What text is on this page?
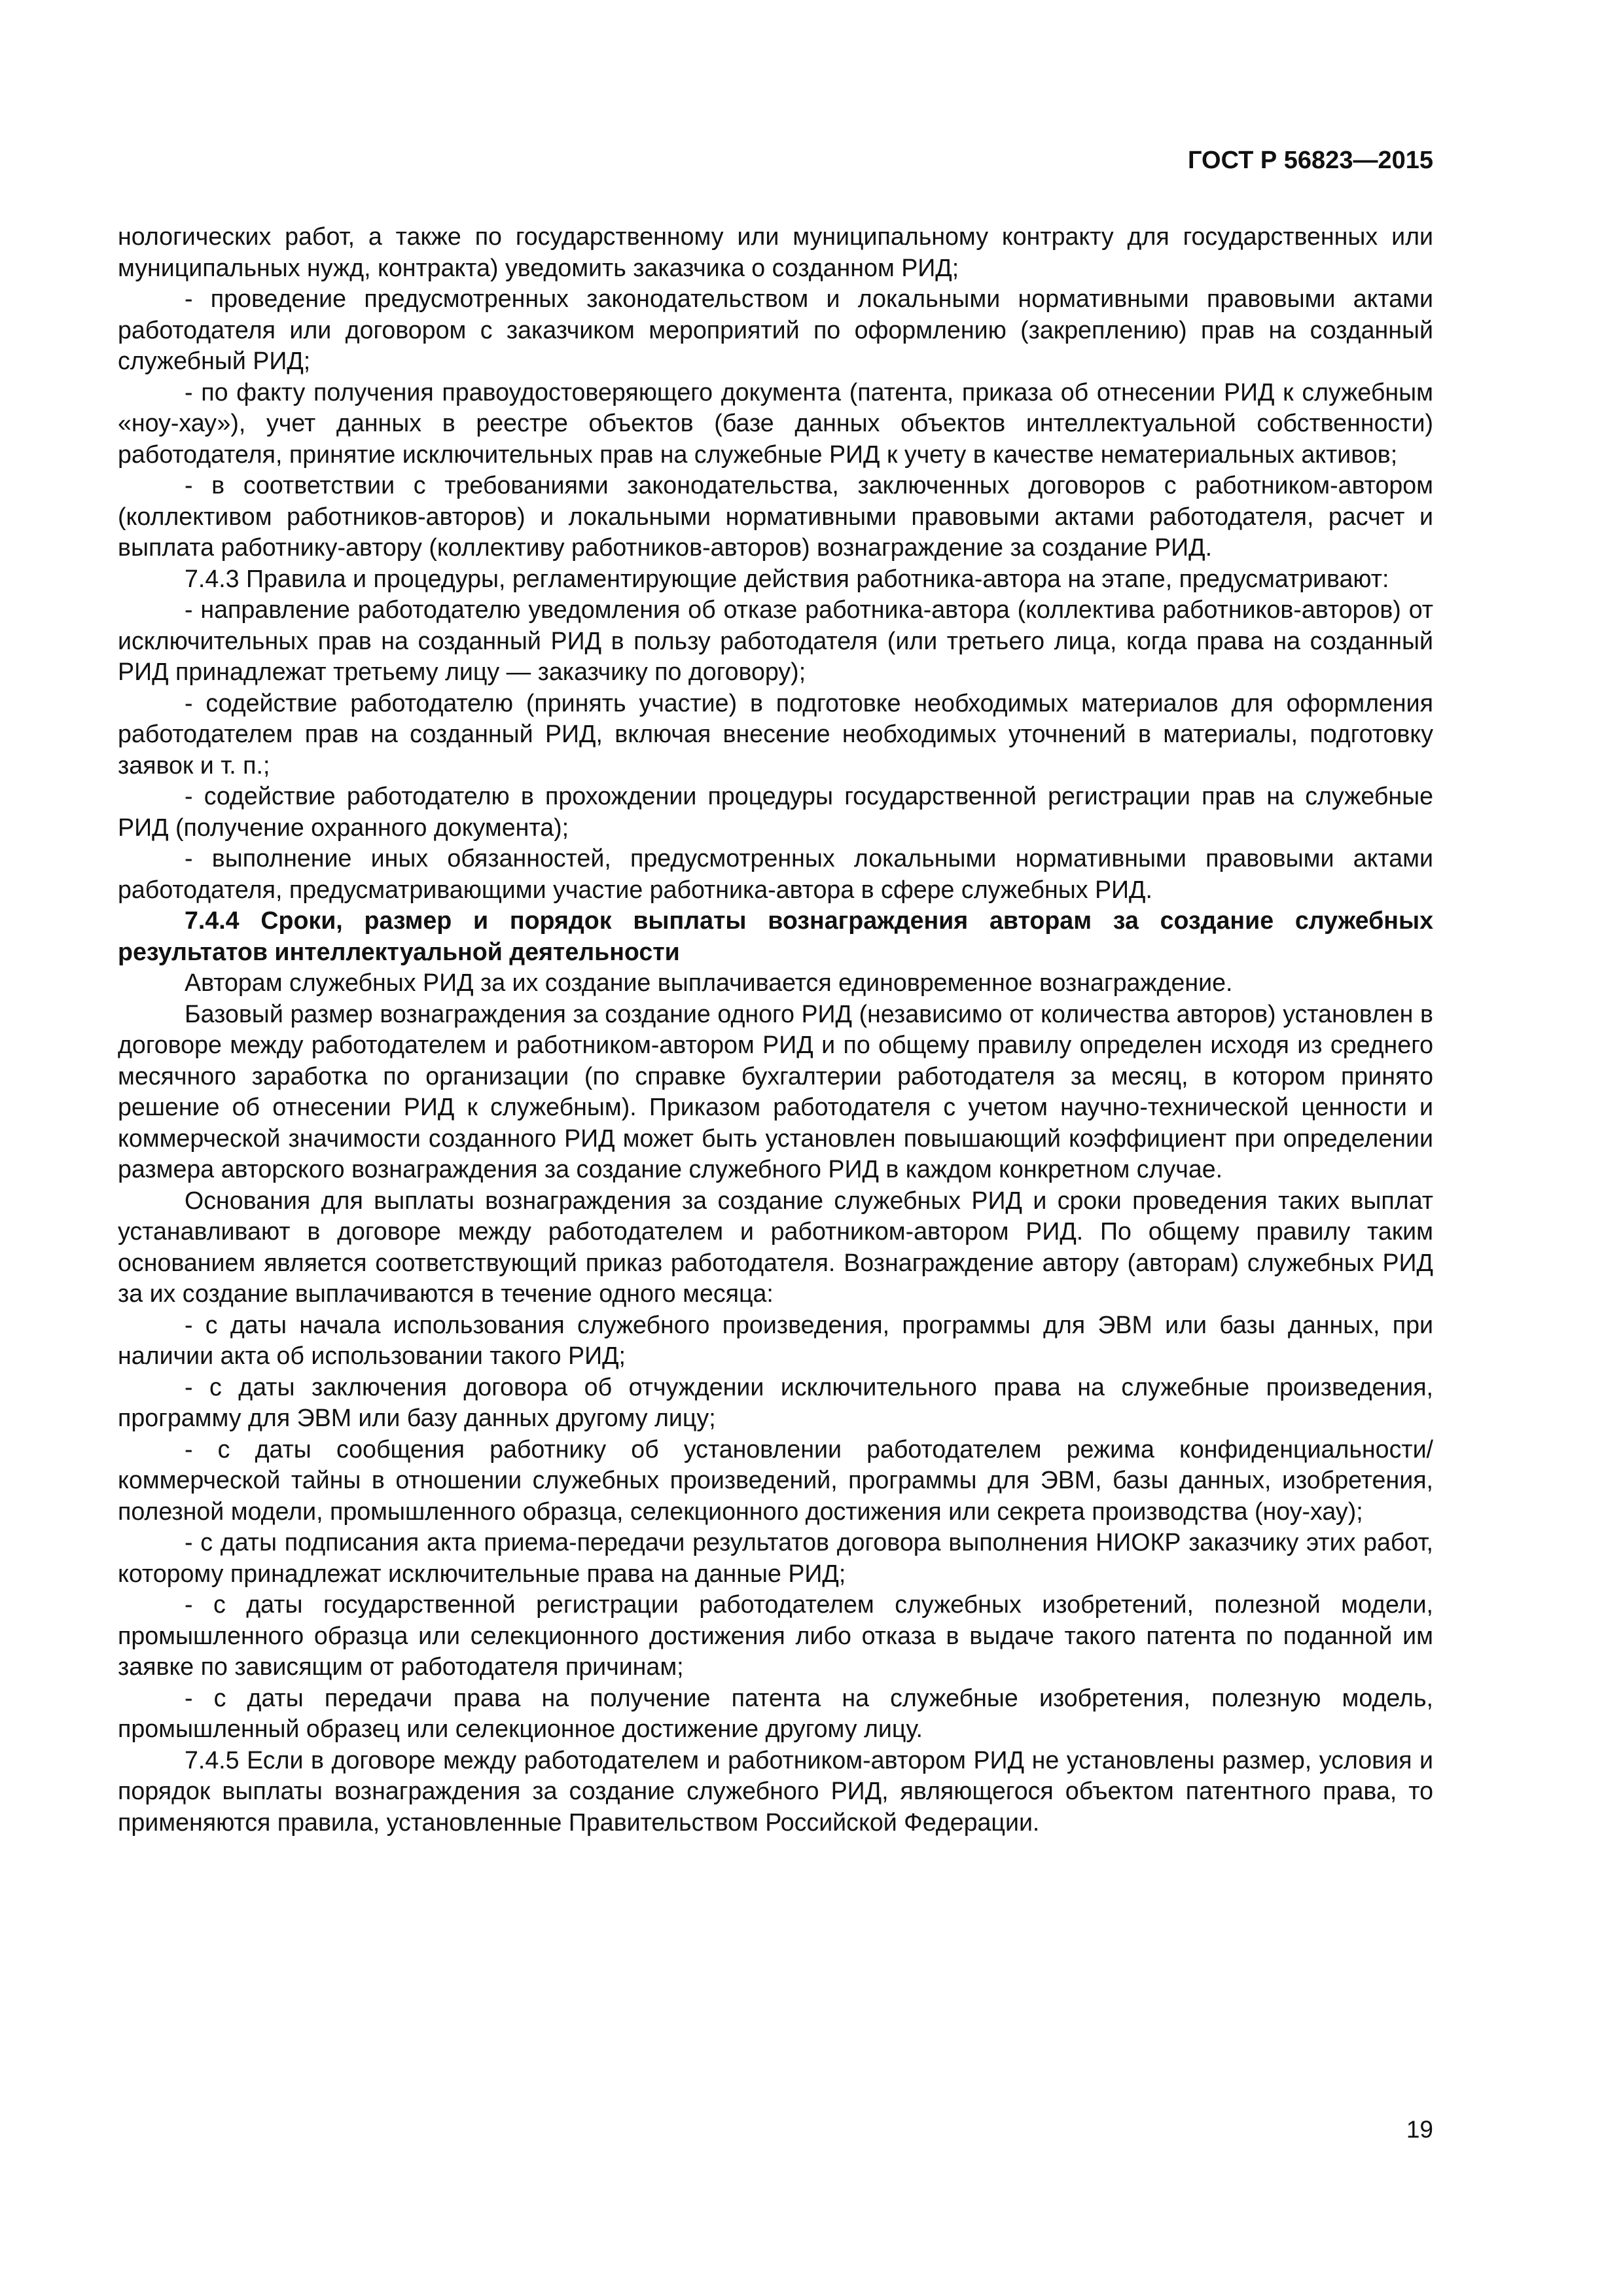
ГОСТ Р 56823—2015

нологических работ, а также по государственному или муниципальному контракту для государственных или муниципальных нужд, контракта) уведомить заказчика о созданном РИД;

- проведение предусмотренных законодательством и локальными нормативными правовыми актами работодателя или договором с заказчиком мероприятий по оформлению (закреплению) прав на созданный служебный РИД;

- по факту получения правоудостоверяющего документа (патента, приказа об отнесении РИД к служебным «ноу-хау»), учет данных в реестре объектов (базе данных объектов интеллектуальной собственности) работодателя, принятие исключительных прав на служебные РИД к учету в качестве нематериальных активов;

- в соответствии с требованиями законодательства, заключенных договоров с работником-автором (коллективом работников-авторов) и локальными нормативными правовыми актами работодателя, расчет и выплата работнику-автору (коллективу работников-авторов) вознаграждение за создание РИД.

7.4.3 Правила и процедуры, регламентирующие действия работника-автора на этапе, предусматривают:

- направление работодателю уведомления об отказе работника-автора (коллектива работников-авторов) от исключительных прав на созданный РИД в пользу работодателя (или третьего лица, когда права на созданный РИД принадлежат третьему лицу — заказчику по договору);

- содействие работодателю (принять участие) в подготовке необходимых материалов для оформления работодателем прав на созданный РИД, включая внесение необходимых уточнений в материалы, подготовку заявок и т. п.;

- содействие работодателю в прохождении процедуры государственной регистрации прав на служебные РИД (получение охранного документа);

- выполнение иных обязанностей, предусмотренных локальными нормативными правовыми актами работодателя, предусматривающими участие работника-автора в сфере служебных РИД.

7.4.4 Сроки, размер и порядок выплаты вознаграждения авторам за создание служебных результатов интеллектуальной деятельности

Авторам служебных РИД за их создание выплачивается единовременное вознаграждение.

Базовый размер вознаграждения за создание одного РИД (независимо от количества авторов) установлен в договоре между работодателем и работником-автором РИД и по общему правилу определен исходя из среднего месячного заработка по организации (по справке бухгалтерии работодателя за месяц, в котором принято решение об отнесении РИД к служебным). Приказом работодателя с учетом научно-технической ценности и коммерческой значимости созданного РИД может быть установлен повышающий коэффициент при определении размера авторского вознаграждения за создание служебного РИД в каждом конкретном случае.

Основания для выплаты вознаграждения за создание служебных РИД и сроки проведения таких выплат устанавливают в договоре между работодателем и работником-автором РИД. По общему правилу таким основанием является соответствующий приказ работодателя. Вознаграждение автору (авторам) служебных РИД за их создание выплачиваются в течение одного месяца:

- с даты начала использования служебного произведения, программы для ЭВМ или базы данных, при наличии акта об использовании такого РИД;

- с даты заключения договора об отчуждении исключительного права на служебные произведения, программу для ЭВМ или базу данных другому лицу;

- с даты сообщения работнику об установлении работодателем режима конфиденциальности/ коммерческой тайны в отношении служебных произведений, программы для ЭВМ, базы данных, изобретения, полезной модели, промышленного образца, селекционного достижения или секрета производства (ноу-хау);

- с даты подписания акта приема-передачи результатов договора выполнения НИОКР заказчику этих работ, которому принадлежат исключительные права на данные РИД;

- с даты государственной регистрации работодателем служебных изобретений, полезной модели, промышленного образца или селекционного достижения либо отказа в выдаче такого патента по поданной им заявке по зависящим от работодателя причинам;

- с даты передачи права на получение патента на служебные изобретения, полезную модель, промышленный образец или селекционное достижение другому лицу.

7.4.5 Если в договоре между работодателем и работником-автором РИД не установлены размер, условия и порядок выплаты вознаграждения за создание служебного РИД, являющегося объектом патентного права, то применяются правила, установленные Правительством Российской Федерации.

19
